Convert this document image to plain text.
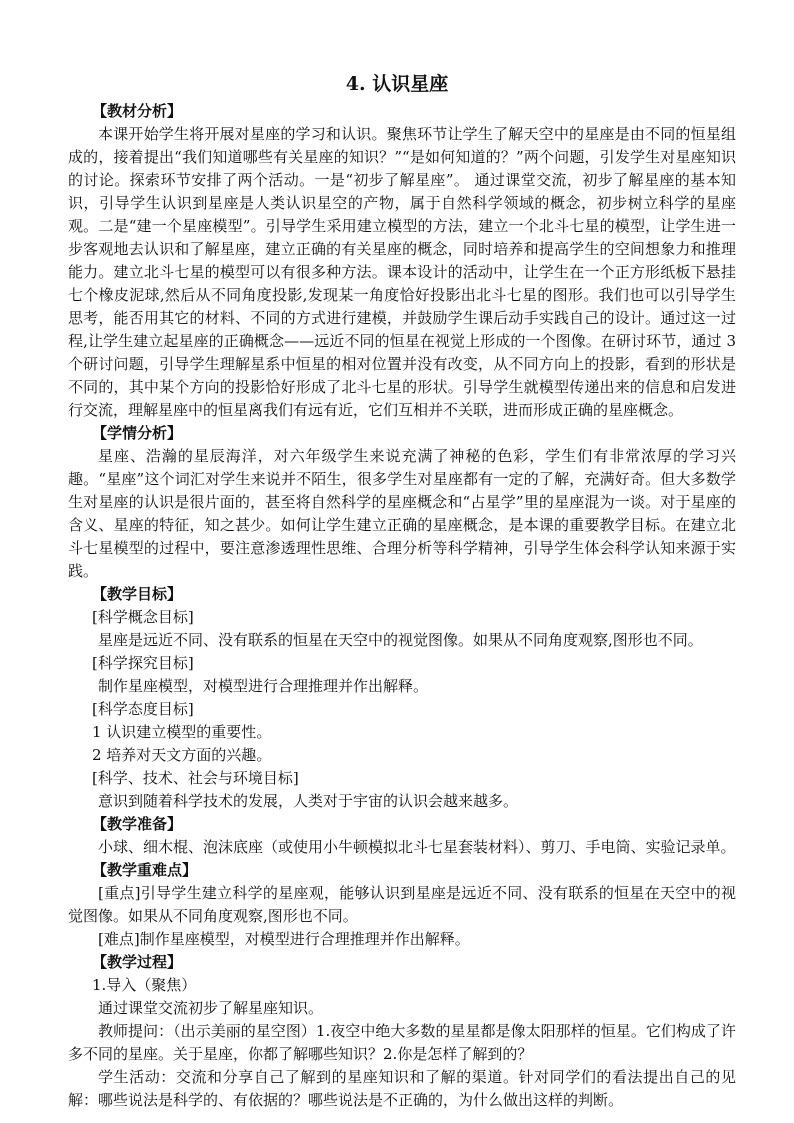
4. 认识星座

【教材分析】

本课开始学生将开展对星座的学习和认识。聚焦环节让学生了解天空中的星座是由不同的恒星组成的，接着提出“我们知道哪些有关星座的知识？”“是如何知道的？”两个问题，引发学生对星座知识的讨论。探索环节安排了两个活动。一是“初步了解星座”。 通过课堂交流，初步了解星座的基本知识，引导学生认识到星座是人类认识星空的产物，属于自然科学领域的概念，初步树立科学的星座观。二是“建一个星座模型”。引导学生采用建立模型的方法，建立一个北斗七星的模型，让学生进一步客观地去认识和了解星座，建立正确的有关星座的概念，同时培养和提高学生的空间想象力和推理能力。建立北斗七星的模型可以有很多种方法。课本设计的活动中，让学生在一个正方形纸板下悬挂七个橡皮泥球,然后从不同角度投影,发现某一角度恰好投影出北斗七星的图形。我们也可以引导学生思考，能否用其它的材料、不同的方式进行建模，并鼓励学生课后动手实践自己的设计。通过这一过程,让学生建立起星座的正确概念——远近不同的恒星在视觉上形成的一个图像。在研讨环节，通过 3 个研讨问题，引导学生理解星系中恒星的相对位置并没有改变，从不同方向上的投影，看到的形状是不同的，其中某个方向的投影恰好形成了北斗七星的形状。引导学生就模型传递出来的信息和启发进行交流，理解星座中的恒星离我们有远有近，它们互相并不关联，进而形成正确的星座概念。

【学情分析】

星座、浩瀚的星辰海洋，对六年级学生来说充满了神秘的色彩，学生们有非常浓厚的学习兴趣。“星座”这个词汇对学生来说并不陌生，很多学生对星座都有一定的了解，充满好奇。但大多数学生对星座的认识是很片面的，甚至将自然科学的星座概念和“占星学”里的星座混为一谈。对于星座的含义、星座的特征，知之甚少。如何让学生建立正确的星座概念，是本课的重要教学目标。在建立北斗七星模型的过程中，要注意渗透理性思维、合理分析等科学精神，引导学生体会科学认知来源于实践。

【教学目标】

[科学概念目标]

星座是远近不同、没有联系的恒星在天空中的视觉图像。如果从不同角度观察,图形也不同。

[科学探究目标]

制作星座模型，对模型进行合理推理并作出解释。

[科学态度目标]

1 认识建立模型的重要性。

2 培养对天文方面的兴趣。

[科学、技术、社会与环境目标]

意识到随着科学技术的发展，人类对于宇宙的认识会越来越多。

【教学准备】

小球、细木棍、泡沫底座（或使用小牛顿模拟北斗七星套装材料）、剪刀、手电筒、实验记录单。

【教学重难点】

[重点]引导学生建立科学的星座观，能够认识到星座是远近不同、没有联系的恒星在天空中的视觉图像。如果从不同角度观察,图形也不同。

[难点]制作星座模型，对模型进行合理推理并作出解释。

【教学过程】

1.导入（聚焦）

通过课堂交流初步了解星座知识。

教师提问：（出示美丽的星空图）1.夜空中绝大多数的星星都是像太阳那样的恒星。它们构成了许多不同的星座。关于星座，你都了解哪些知识？2.你是怎样了解到的？

学生活动：交流和分享自己了解到的星座知识和了解的渠道。针对同学们的看法提出自己的见解：哪些说法是科学的、有依据的？哪些说法是不正确的，为什么做出这样的判断。
